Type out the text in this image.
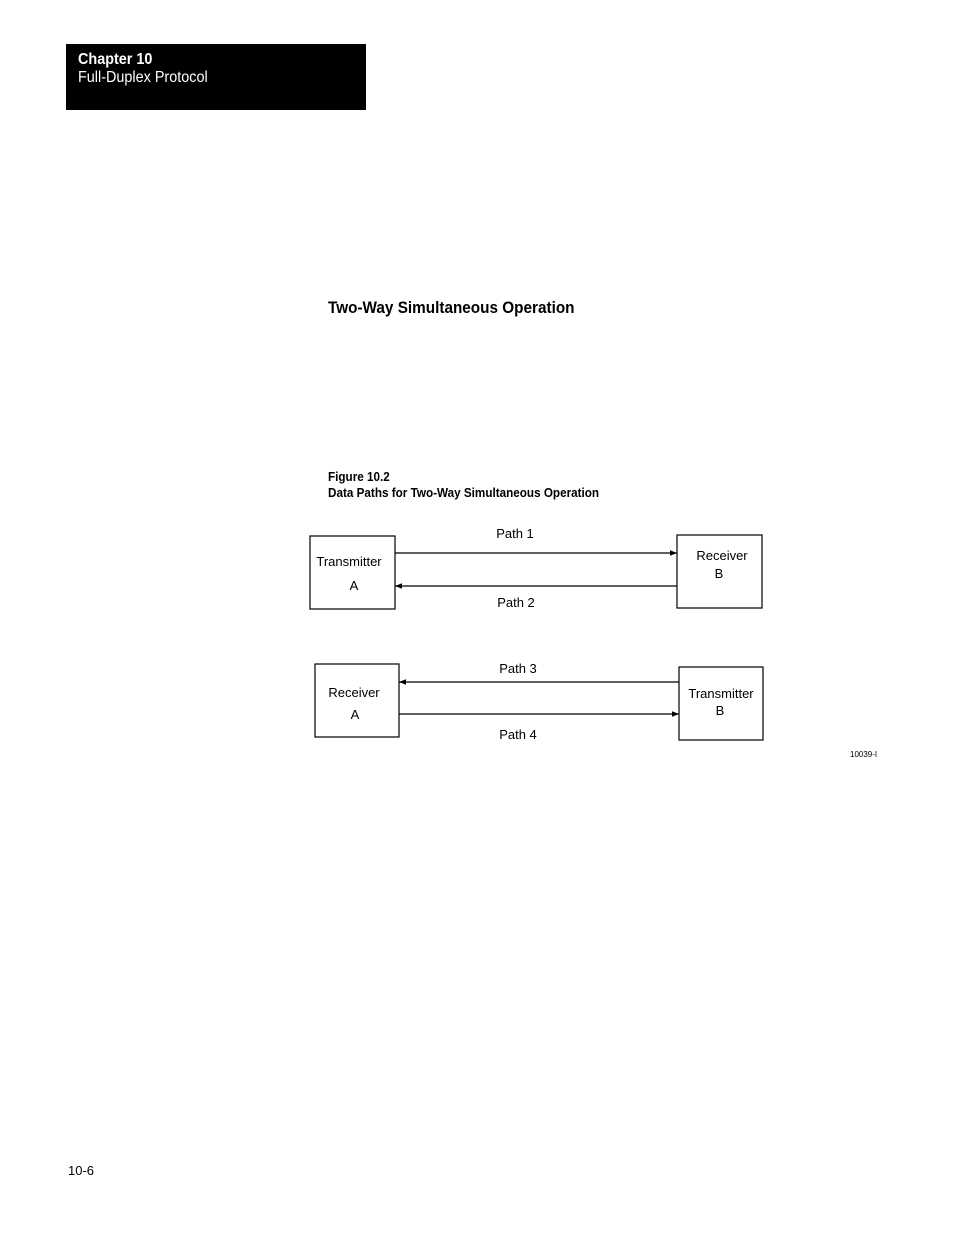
Chapter 10
Full-Duplex Protocol
Two-Way Simultaneous Operation
Figure 10.2
Data Paths for Two-Way Simultaneous Operation
Transmitter
A
Receiver
B
Path 1
Path 2
Receiver
A
Transmitter
B
Path 3
Path 4
10039-I
10-6
